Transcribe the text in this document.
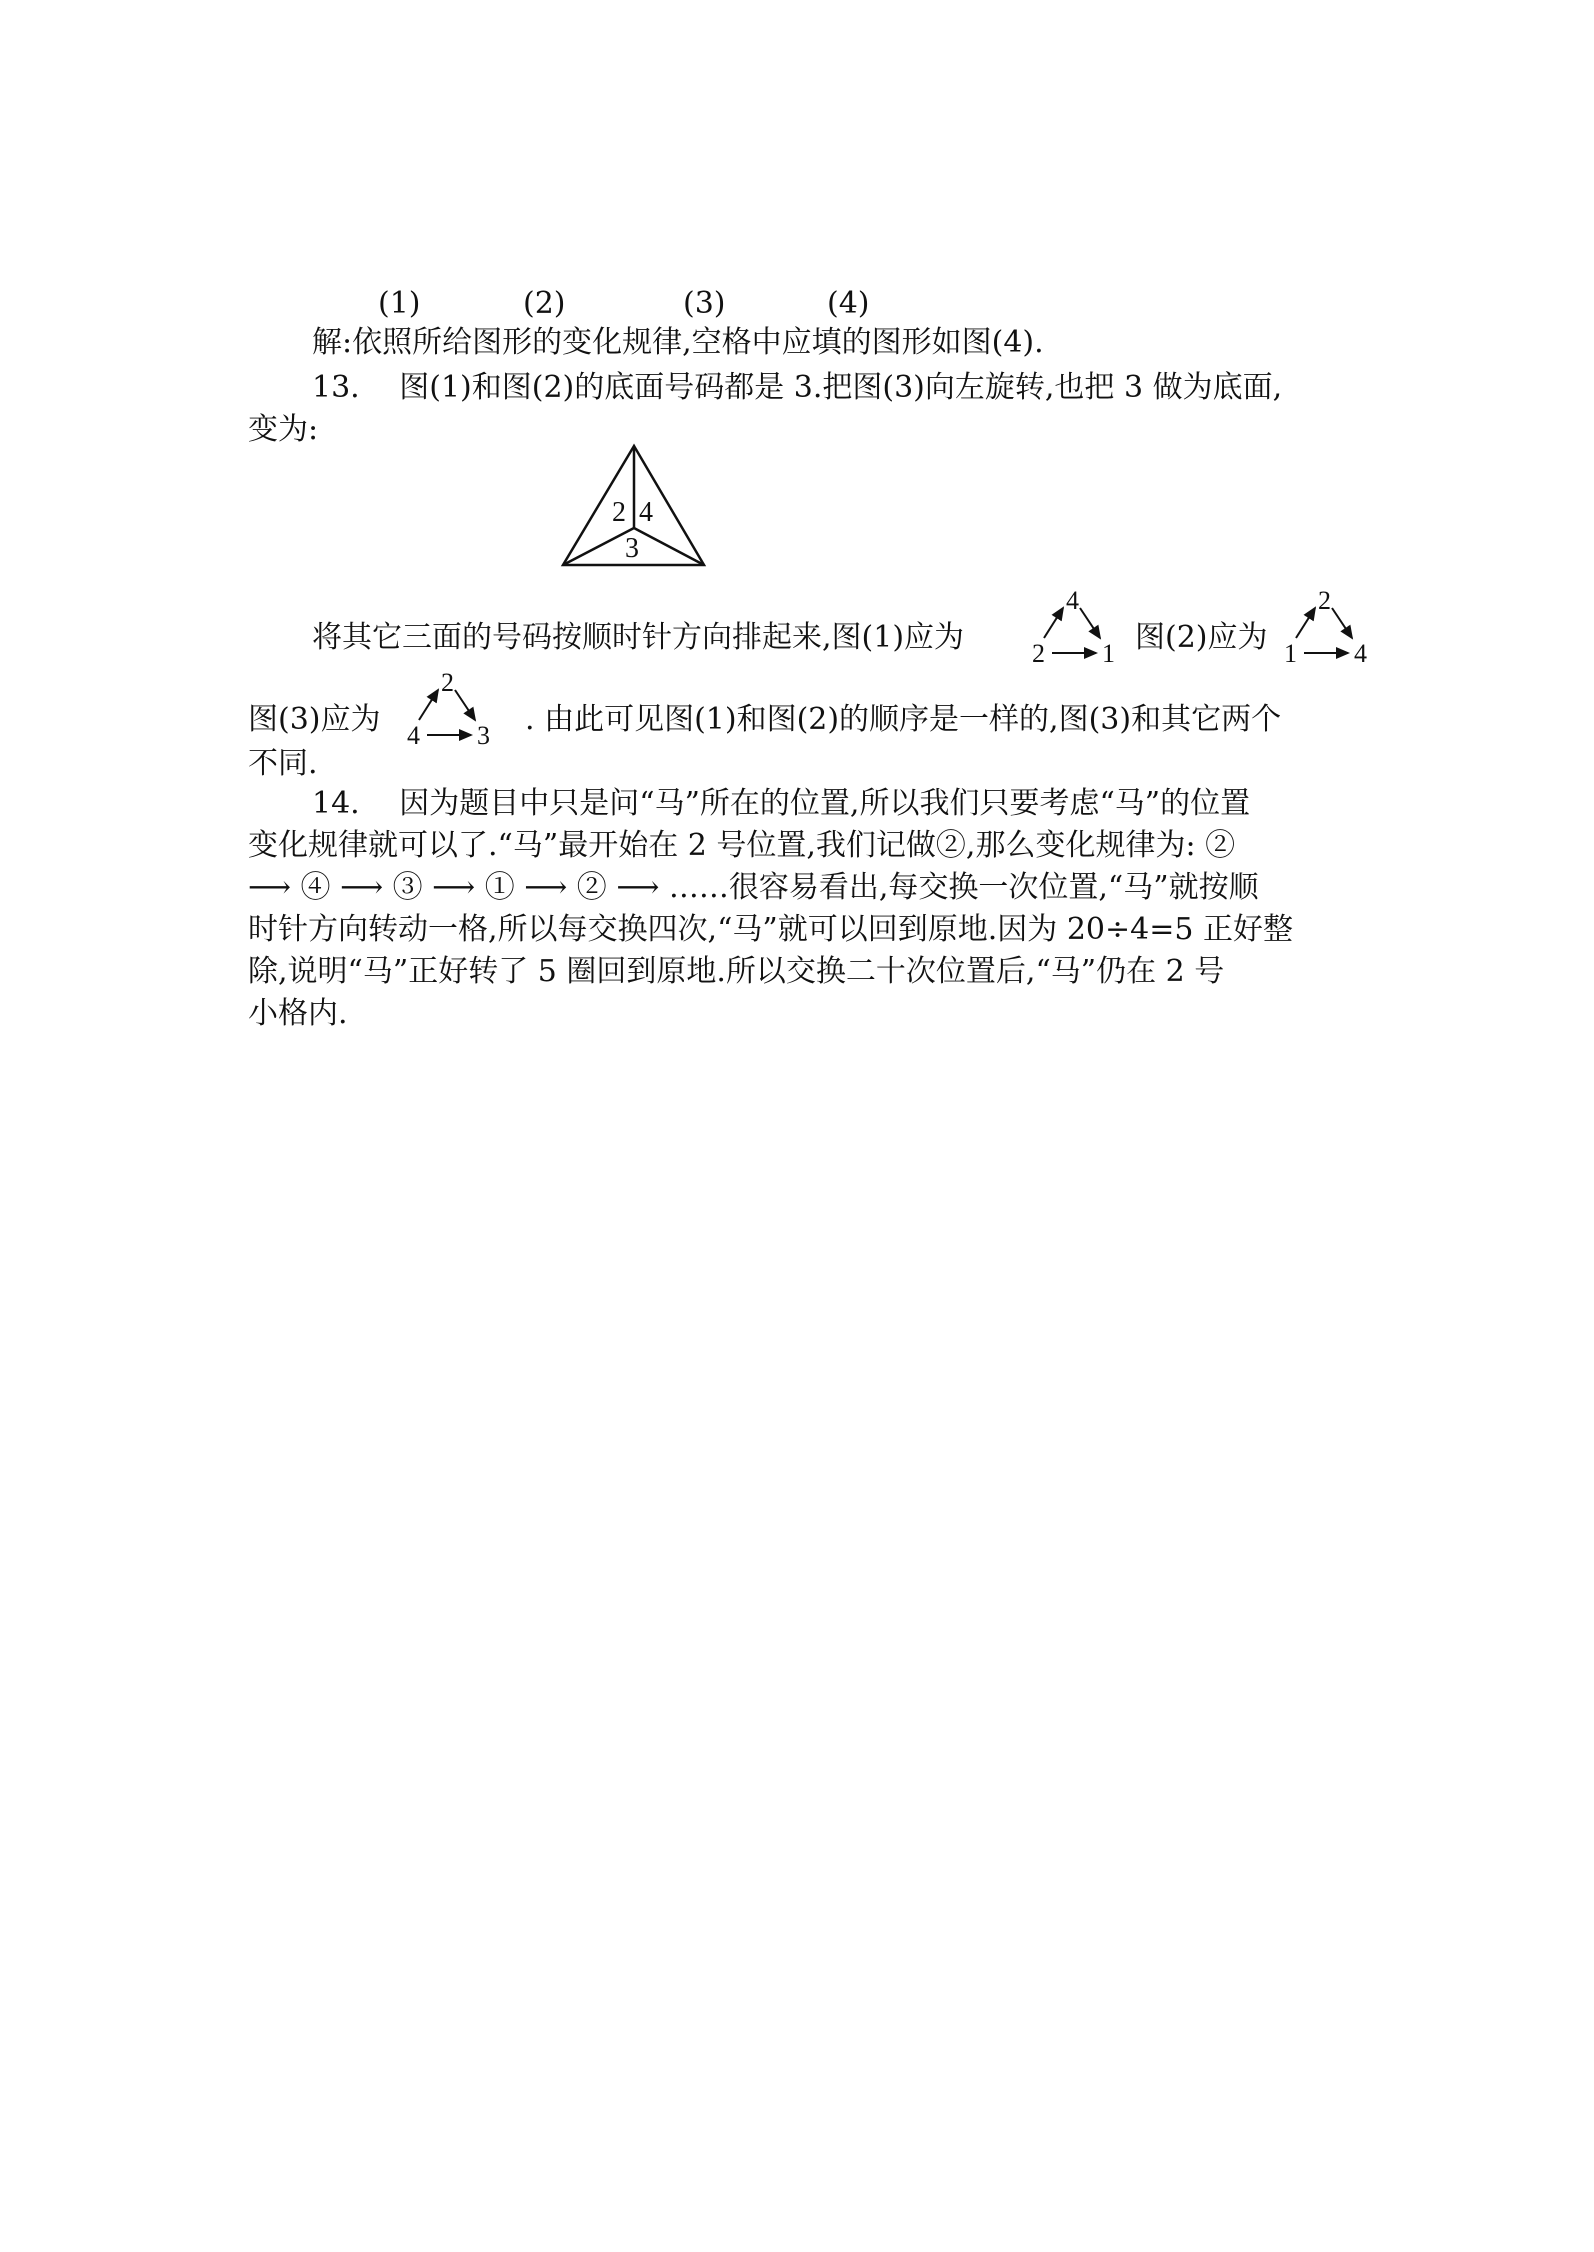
(1)	(2)	(3)	(4)
解:依照所给图形的变化规律,空格中应填的图形如图(4).
13.　 图(1)和图(2)的底面号码都是 3.把图(3)向左旋转,也把 3 做为底面,
变为:
2 4
3
将其它三面的号码按顺时针方向排起来,图(1)应为
4
2 1 图(2)应为
2
1 4
图(3)应为
2
4 3 . 由此可见图(1)和图(2)的顺序是一样的,图(3)和其它两个
不同.
14.　 因为题目中只是问“马”所在的位置,所以我们只要考虑“马”的位置
变化规律就可以了.“马”最开始在 2 号位置,我们记做②,那么变化规律为: ②
⟶ ④ ⟶ ③ ⟶ ① ⟶ ② ⟶ ……很容易看出,每交换一次位置,“马”就按顺
时针方向转动一格,所以每交换四次,“马”就可以回到原地.因为 20÷4=5 正好整
除,说明“马”正好转了 5 圈回到原地.所以交换二十次位置后,“马”仍在 2 号
小格内.
